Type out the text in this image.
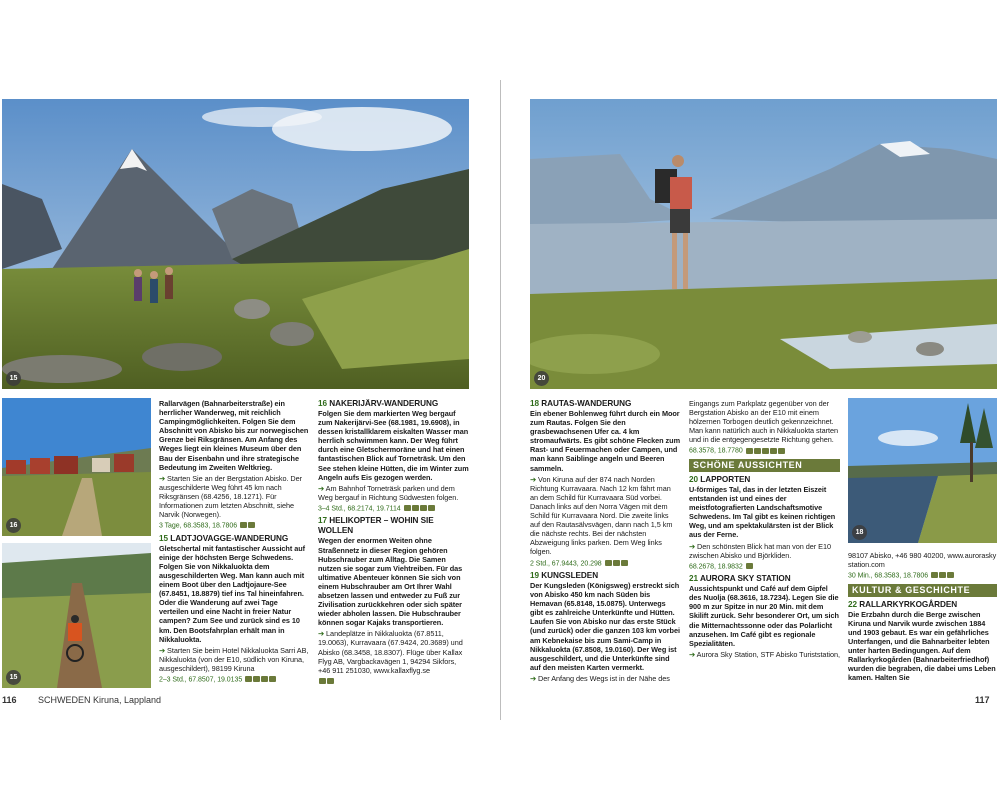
15
16
15

Rallarvägen (Bahnarbeiterstraße) ein herrlicher Wanderweg, mit reichlich Campingmöglichkeiten. Folgen Sie dem Abschnitt von Abisko bis zur norwegischen Grenze bei Riksgränsen. Am Anfang des Weges liegt ein kleines Museum über den Bau der Eisenbahn und ihre strategische Bedeutung im Zweiten Weltkrieg.

➔ Starten Sie an der Bergstation Abisko. Der ausgeschilderte Weg führt 45 km nach Riksgränsen (68.4256, 18.1271). Für Informationen zum letzten Abschnitt, siehe Narvik (Norwegen).

3 Tage, 68.3583, 18.7806

15 LADTJOVAGGE-WANDERUNG

Gletschertal mit fantastischer Aussicht auf einige der höchsten Berge Schwedens. Folgen Sie von Nikkaluokta dem ausgeschilderten Weg. Man kann auch mit einem Boot über den Ladtjojaure-See (67.8451, 18.8879) tief ins Tal hineinfahren. Oder die Wanderung auf zwei Tage verteilen und eine Nacht in freier Natur campen? Zum See und zurück sind es 10 km. Den Bootsfahrplan erhält man in Nikkaluokta.

➔ Starten Sie beim Hotel Nikkaluokta Sarri AB, Nikkaluokta (von der E10, südlich von Kiruna, ausgeschildert), 98199 Kiruna

2–3 Std., 67.8507, 19.0135

16 NAKERIJÄRV-WANDERUNG

Folgen Sie dem markierten Weg bergauf zum Nakerijärvi-See (68.1981, 19.6908), in dessen kristallklarem eiskalten Wasser man herrlich schwimmen kann. Der Weg führt durch eine Gletschermoräne und hat einen fantastischen Blick auf Torneträsk. Um den See stehen kleine Hütten, die im Winter zum Angeln aufs Eis gezogen werden.

➔ Am Bahnhof Torneträsk parken und dem Weg bergauf in Richtung Südwesten folgen.

3–4 Std., 68.2174, 19.7114

17 HELIKOPTER – WOHIN SIE WOLLEN

Wegen der enormen Weiten ohne Straßennetz in dieser Region gehören Hubschrauber zum Alltag. Die Samen nutzen sie sogar zum Viehtreiben. Für das ultimative Abenteuer können Sie sich von einem Hubschrauber am Ort Ihrer Wahl absetzen lassen und entweder zu Fuß zur Zivilisation zurückkehren oder sich später wieder abholen lassen. Die Hubschrauber können sogar Kajaks transportieren.

➔ Landeplätze in Nikkaluokta (67.8511, 19.0063), Kurravaara (67.9424, 20.3689) und Abisko (68.3458, 18.8307). Flüge über Kallax Flyg AB, Vargbackavägen 1, 94294 Sikfors, +46 911 251030, www.kallaxflyg.se

116 SCHWEDEN Kiruna, Lappland
20
18
18 RAUTAS-WANDERUNG

Ein ebener Bohlenweg führt durch ein Moor zum Rautas. Folgen Sie den grasbewachsenen Ufer ca. 4 km stromaufwärts. Es gibt schöne Flecken zum Rast- und Feuermachen oder Campen, und man kann Saiblinge angeln und Beeren sammeln.

➔ Von Kiruna auf der 874 nach Norden Richtung Kurravaara. Nach 12 km fährt man an dem Schild für Kurravaara Süd vorbei. Danach links auf den Norra Vägen mit dem Schild für Kurravaara Nord. Die zweite links auf den Rautasälvsvägen, dann nach 1,5 km die nächste rechts. Bei der nächsten Abzweigung links parken. Dem Weg links folgen.

2 Std., 67.9443, 20.298

19 KUNGSLEDEN

Der Kungsleden (Königsweg) erstreckt sich von Abisko 450 km nach Süden bis Hemavan (65.8148, 15.0875). Unterwegs gibt es zahlreiche Unterkünfte und Hütten. Laufen Sie von Abisko nur das erste Stück (und zurück) oder die ganzen 103 km vorbei am Kebnekaise bis zum Sami-Camp in Nikkaluokta (67.8508, 19.0160). Der Weg ist ausgeschildert, und die Unterkünfte sind auf den meisten Karten vermerkt.

➔ Der Anfang des Wegs ist in der Nähe des

Eingangs zum Parkplatz gegenüber von der Bergstation Abisko an der E10 mit einem hölzernen Torbogen deutlich gekennzeichnet. Man kann natürlich auch in Nikkaluokta starten und in die entgegengesetzte Richtung gehen.

68.3578, 18.7780

SCHÖNE AUSSICHTEN
20 LAPPORTEN

U-förmiges Tal, das in der letzten Eiszeit entstanden ist und eines der meistfotografierten Landschaftsmotive Schwedens. Im Tal gibt es keinen richtigen Weg, und am spektakulärsten ist der Blick aus der Ferne.

➔ Den schönsten Blick hat man von der E10 zwischen Abisko und Björkliden.

68.2678, 18.9832

21 AURORA SKY STATION

Aussichtspunkt und Café auf dem Gipfel des Nuolja (68.3616, 18.7234). Legen Sie die 900 m zur Spitze in nur 20 Min. mit dem Skilift zurück. Sehr besonderer Ort, um sich die Mitternachtssonne oder das Polarlicht anzusehen. Im Café gibt es regionale Spezialitäten.

➔ Aurora Sky Station, STF Abisko Turiststation,

98107 Abisko, +46 980 40200, www.aurorasky station.com

30 Min., 68.3583, 18.7806

KULTUR & GESCHICHTE
22 RALLARKYRKOGÅRDEN

Die Erzbahn durch die Berge zwischen Kiruna und Narvik wurde zwischen 1884 und 1903 gebaut. Es war ein gefährliches Unterfangen, und die Bahnarbeiter lebten unter harten Bedingungen. Auf dem Rallarkyrkogården (Bahnarbeiterfriedhof) wurden die begraben, die dabei ums Leben kamen. Halten Sie

117
